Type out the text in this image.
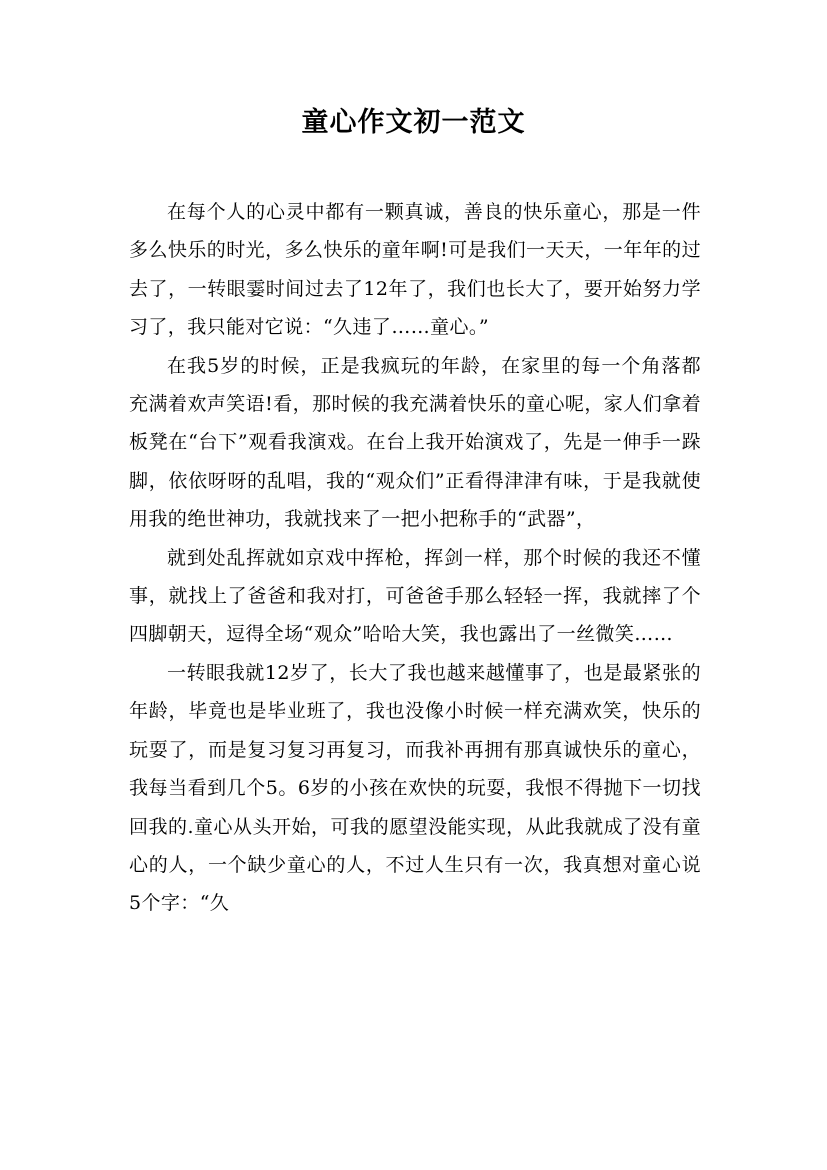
童心作文初一范文

在每个人的心灵中都有一颗真诚，善良的快乐童心，那是一件多么快乐的时光，多么快乐的童年啊!可是我们一天天，一年年的过去了，一转眼霎时间过去了12年了，我们也长大了，要开始努力学习了，我只能对它说：“久违了……童心。”

在我5岁的时候，正是我疯玩的年龄，在家里的每一个角落都充满着欢声笑语!看，那时候的我充满着快乐的童心呢，家人们拿着板凳在“台下”观看我演戏。在台上我开始演戏了，先是一伸手一跺脚，依依呀呀的乱唱，我的“观众们”正看得津津有味，于是我就使用我的绝世神功，我就找来了一把小把称手的“武器”，

就到处乱挥就如京戏中挥枪，挥剑一样，那个时候的我还不懂事，就找上了爸爸和我对打，可爸爸手那么轻轻一挥，我就摔了个四脚朝天，逗得全场“观众”哈哈大笑，我也露出了一丝微笑……

一转眼我就12岁了，长大了我也越来越懂事了，也是最紧张的年龄，毕竟也是毕业班了，我也没像小时候一样充满欢笑，快乐的玩耍了，而是复习复习再复习，而我补再拥有那真诚快乐的童心，我每当看到几个5。6岁的小孩在欢快的玩耍，我恨不得抛下一切找回我的.童心从头开始，可我的愿望没能实现，从此我就成了没有童心的人，一个缺少童心的人，不过人生只有一次，我真想对童心说5个字：“久
